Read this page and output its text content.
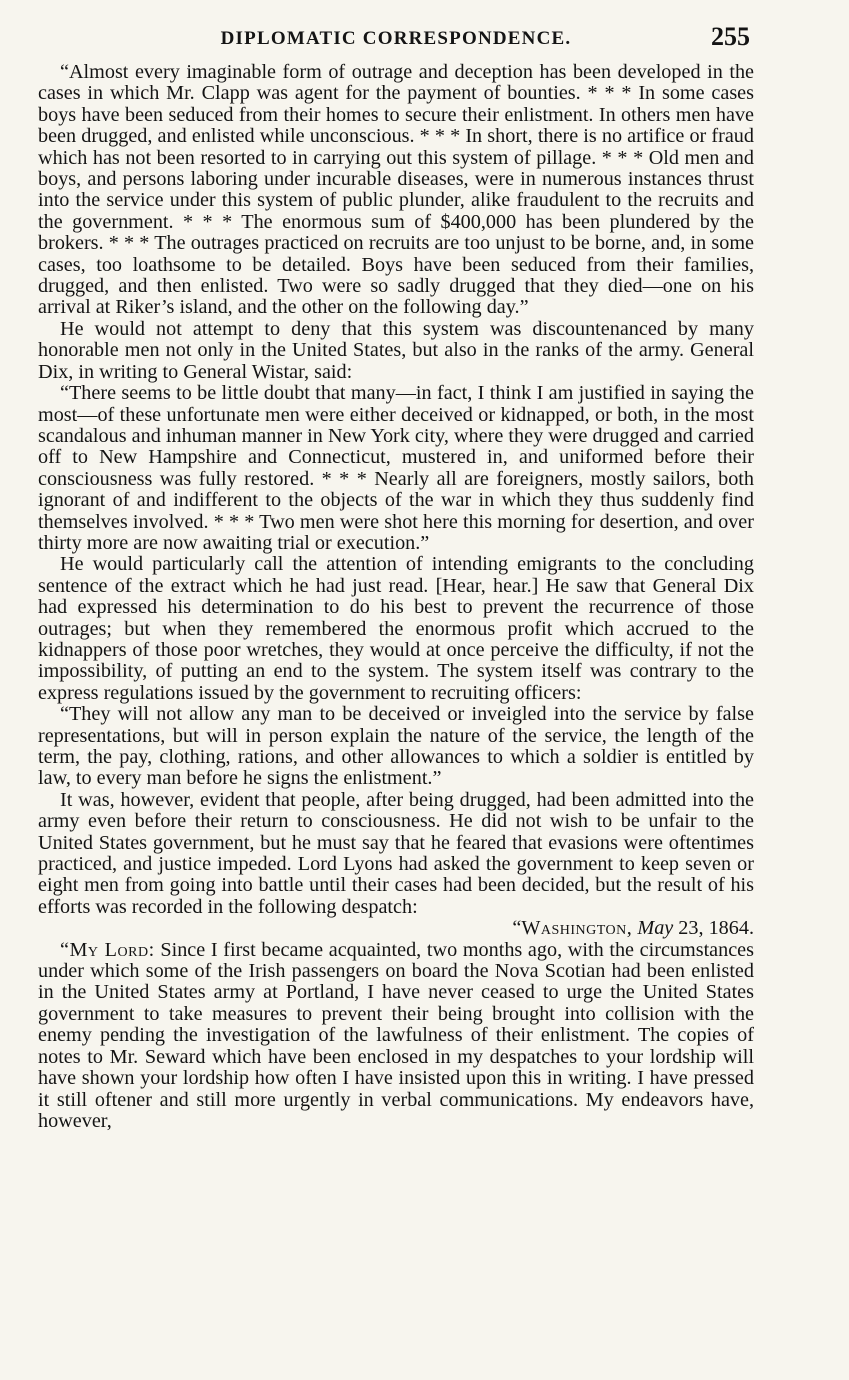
DIPLOMATIC CORRESPONDENCE.	255

“Almost every imaginable form of outrage and deception has been developed in the cases in which Mr. Clapp was agent for the payment of bounties. * * * In some cases boys have been seduced from their homes to secure their enlistment. In others men have been drugged, and enlisted while unconscious. * * * In short, there is no artifice or fraud which has not been resorted to in carrying out this system of pillage. * * * Old men and boys, and persons laboring under incurable diseases, were in numerous instances thrust into the service under this system of public plunder, alike fraudulent to the recruits and the government. * * * The enormous sum of $400,000 has been plundered by the brokers. * * * The outrages practiced on recruits are too unjust to be borne, and, in some cases, too loathsome to be detailed. Boys have been seduced from their families, drugged, and then enlisted. Two were so sadly drugged that they died—one on his arrival at Riker’s island, and the other on the following day.”

He would not attempt to deny that this system was discountenanced by many honorable men not only in the United States, but also in the ranks of the army. General Dix, in writing to General Wistar, said:

“There seems to be little doubt that many—in fact, I think I am justified in saying the most—of these unfortunate men were either deceived or kidnapped, or both, in the most scandalous and inhuman manner in New York city, where they were drugged and carried off to New Hampshire and Connecticut, mustered in, and uniformed before their consciousness was fully restored. * * * Nearly all are foreigners, mostly sailors, both ignorant of and indifferent to the objects of the war in which they thus suddenly find themselves involved. * * * Two men were shot here this morning for desertion, and over thirty more are now awaiting trial or execution.”

He would particularly call the attention of intending emigrants to the concluding sentence of the extract which he had just read. [Hear, hear.] He saw that General Dix had expressed his determination to do his best to prevent the recurrence of those outrages; but when they remembered the enormous profit which accrued to the kidnappers of those poor wretches, they would at once perceive the difficulty, if not the impossibility, of putting an end to the system. The system itself was contrary to the express regulations issued by the government to recruiting officers:

“They will not allow any man to be deceived or inveigled into the service by false representations, but will in person explain the nature of the service, the length of the term, the pay, clothing, rations, and other allowances to which a soldier is entitled by law, to every man before he signs the enlistment.”

It was, however, evident that people, after being drugged, had been admitted into the army even before their return to consciousness. He did not wish to be unfair to the United States government, but he must say that he feared that evasions were oftentimes practiced, and justice impeded. Lord Lyons had asked the government to keep seven or eight men from going into battle until their cases had been decided, but the result of his efforts was recorded in the following despatch:

“Washington, May 23, 1864.

“My Lord: Since I first became acquainted, two months ago, with the circumstances under which some of the Irish passengers on board the Nova Scotian had been enlisted in the United States army at Portland, I have never ceased to urge the United States government to take measures to prevent their being brought into collision with the enemy pending the investigation of the lawfulness of their enlistment. The copies of notes to Mr. Seward which have been enclosed in my despatches to your lordship will have shown your lordship how often I have insisted upon this in writing. I have pressed it still oftener and still more urgently in verbal communications. My endeavors have, however,
